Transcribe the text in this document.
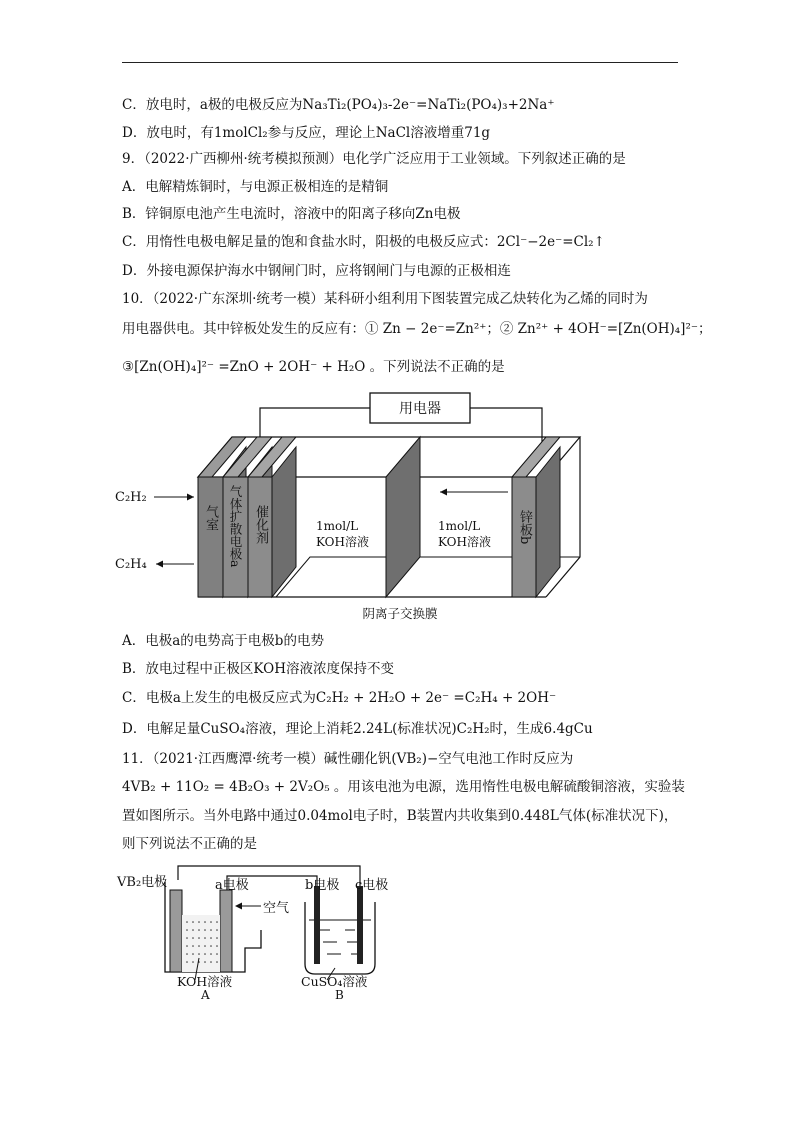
C．放电时，a极的电极反应为Na₃Ti₂(PO₄)₃-2e⁻=NaTi₂(PO₄)₃+2Na⁺
D．放电时，有1molCl₂参与反应，理论上NaCl溶液增重71g
9．（2022·广西柳州·统考模拟预测）电化学广泛应用于工业领域。下列叙述正确的是
A．电解精炼铜时，与电源正极相连的是精铜
B．锌铜原电池产生电流时，溶液中的阳离子移向Zn电极
C．用惰性电极电解足量的饱和食盐水时，阳极的电极反应式：2Cl⁻−2e⁻=Cl₂↑
D．外接电源保护海水中钢闸门时，应将钢闸门与电源的正极相连
10．（2022·广东深圳·统考一模）某科研小组利用下图装置完成乙炔转化为乙烯的同时为
用电器供电。其中锌板处发生的反应有：① Zn − 2e⁻=Zn²⁺；② Zn²⁺ + 4OH⁻=[Zn(OH)₄]²⁻；
③[Zn(OH)₄]²⁻ =ZnO + 2OH⁻ + H₂O 。下列说法不正确的是
用电器
C₂H₂
C₂H₄
气室 气体扩散电极a 催化剂	锌板b
1mol/L
KOH溶液
1mol/L
KOH溶液
阴离子交换膜
A．电极a的电势高于电极b的电势
B．放电过程中正极区KOH溶液浓度保持不变
C．电极a上发生的电极反应式为C₂H₂ + 2H₂O + 2e⁻ =C₂H₄ + 2OH⁻
D．电解足量CuSO₄溶液，理论上消耗2.24L(标准状况)C₂H₂时，生成6.4gCu
11．（2021·江西鹰潭·统考一模）碱性硼化钒(VB₂)−空气电池工作时反应为
4VB₂ + 11O₂ = 4B₂O₃ + 2V₂O₅ 。用该电池为电源，选用惰性电极电解硫酸铜溶液，实验装
置如图所示。当外电路中通过0.04mol电子时，B装置内共收集到0.448L气体(标准状况下)，
则下列说法不正确的是
空气
VB₂电极	a电极	b电极 c电极
KOH溶液
A
CuSO₄溶液
B
